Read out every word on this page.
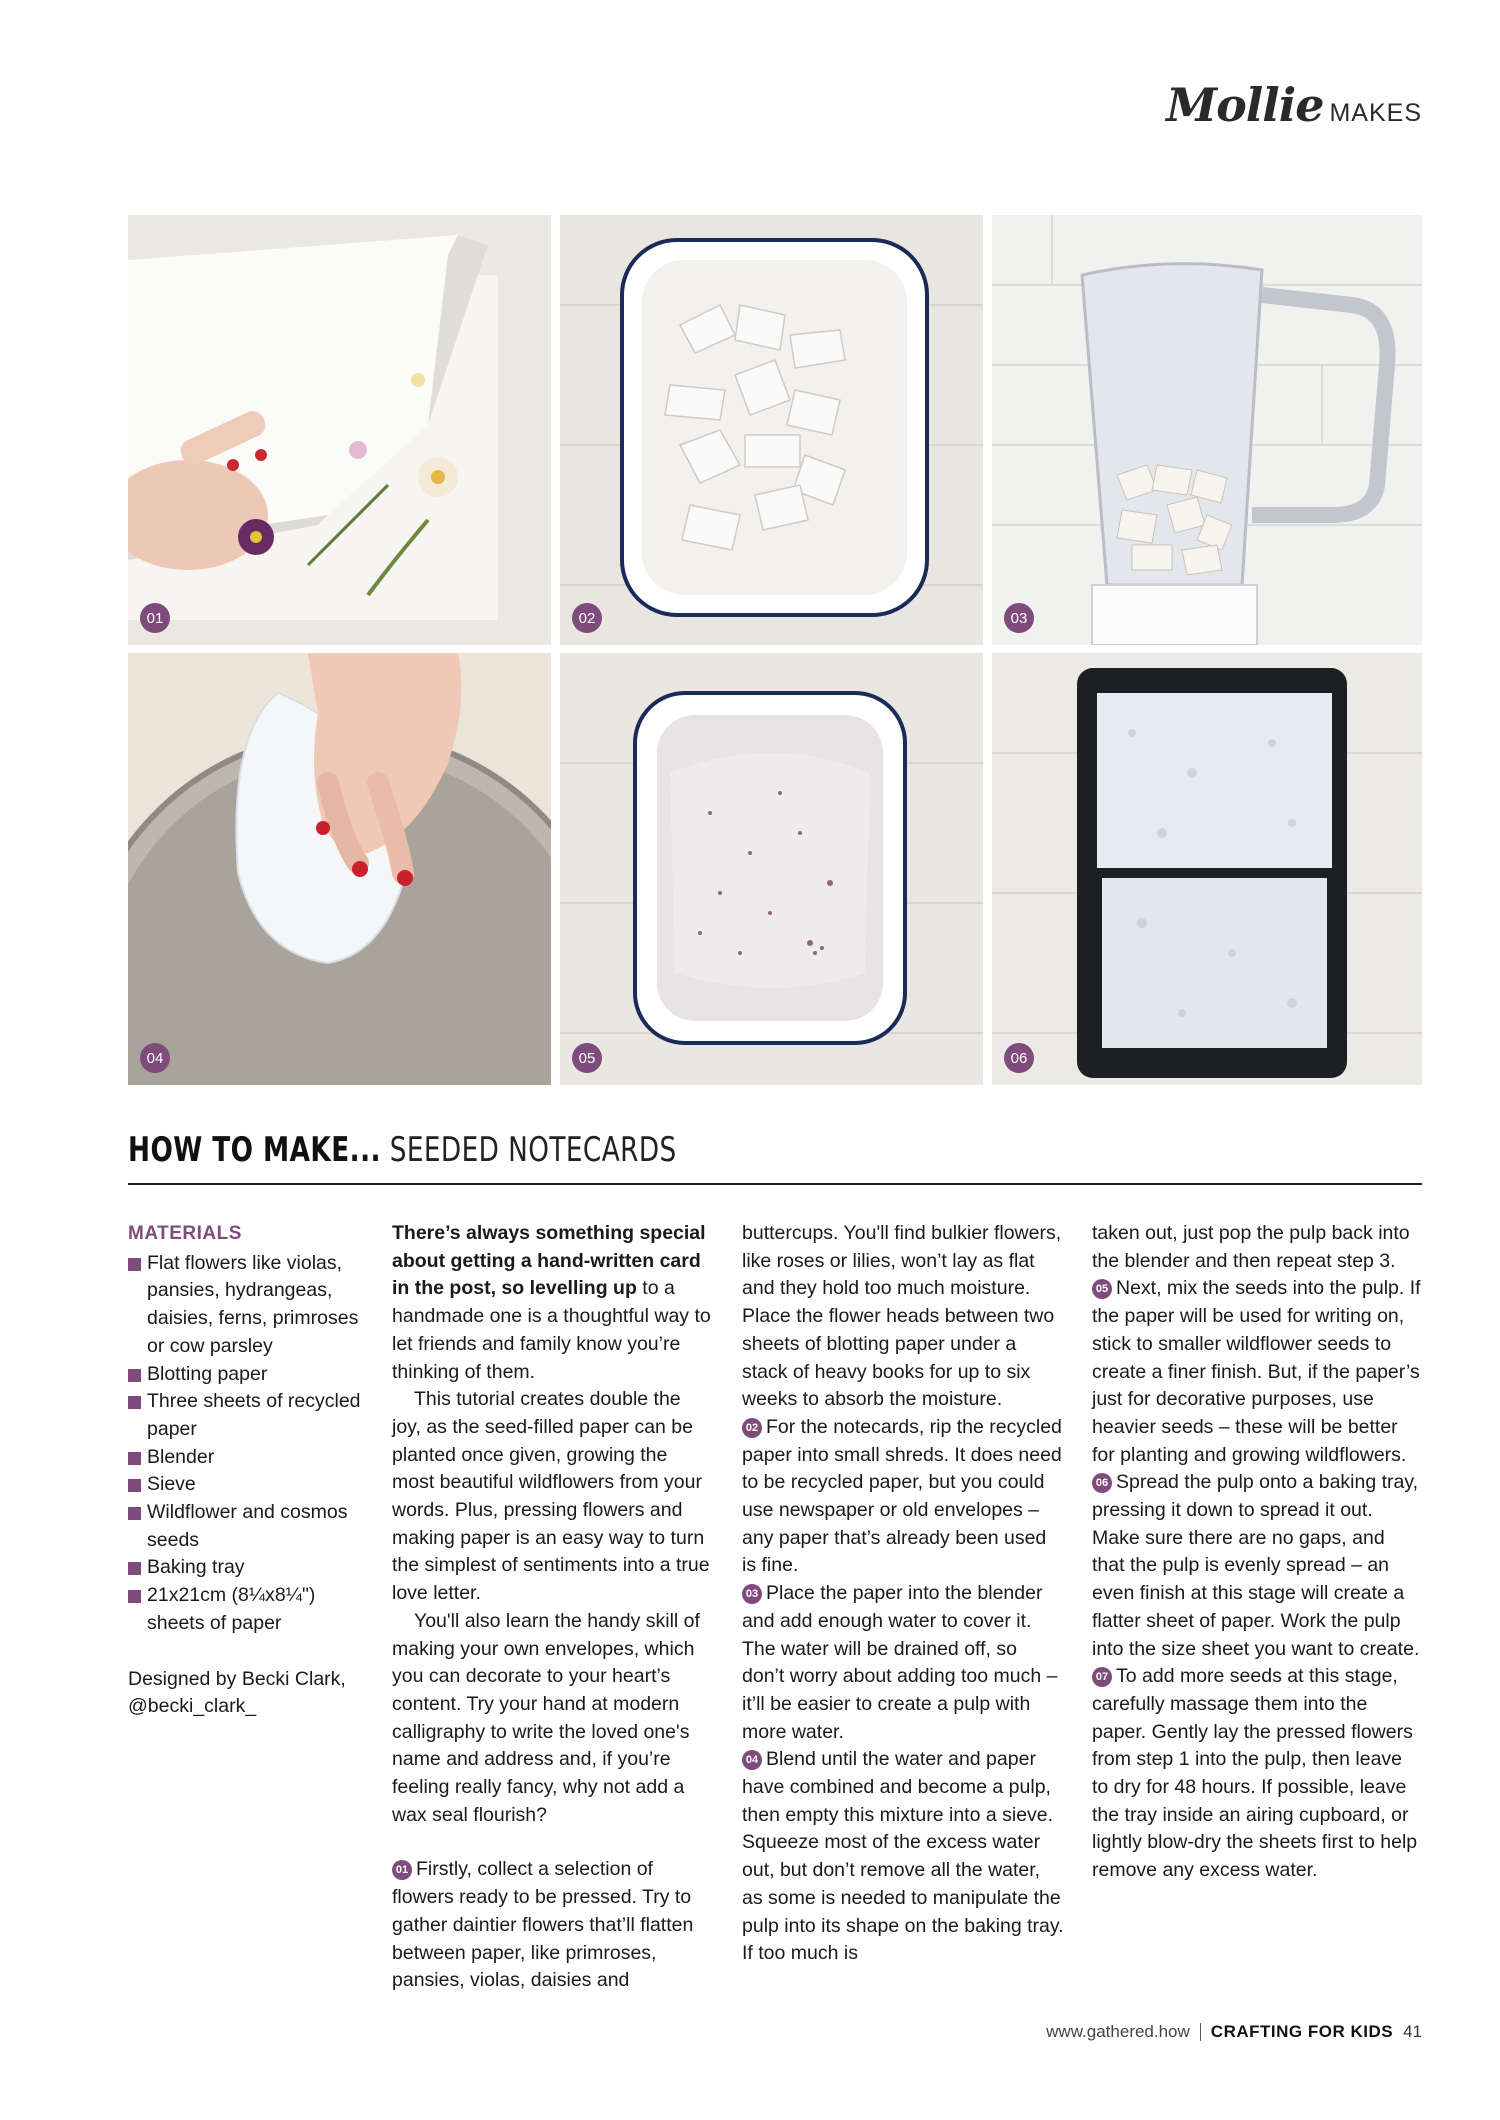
Mollie MAKES
01	02	03
04	05	06
HOW TO MAKE... SEEDED NOTECARDS

MATERIALS

Flat flowers like violas, pansies, hydrangeas, daisies, ferns, primroses or cow parsley
Blotting paper
Three sheets of recycled paper
Blender
Sieve
Wildflower and cosmos seeds
Baking tray
21x21cm (8¼x8¼") sheets of paper

Designed by Becki Clark, @becki_clark_

There’s always something special about getting a hand-written card in the post, so levelling up to a handmade one is a thoughtful way to let friends and family know you’re thinking of them.

This tutorial creates double the joy, as the seed-filled paper can be planted once given, growing the most beautiful wildflowers from your words. Plus, pressing flowers and making paper is an easy way to turn the simplest of sentiments into a true love letter.

You'll also learn the handy skill of making your own envelopes, which you can decorate to your heart’s content. Try your hand at modern calligraphy to write the loved one's name and address and, if you’re feeling really fancy, why not add a wax seal flourish?

01 Firstly, collect a selection of flowers ready to be pressed. Try to gather daintier flowers that’ll flatten between paper, like primroses, pansies, violas, daisies and

buttercups. You'll find bulkier flowers, like roses or lilies, won’t lay as flat and they hold too much moisture. Place the flower heads between two sheets of blotting paper under a stack of heavy books for up to six weeks to absorb the moisture.

02 For the notecards, rip the recycled paper into small shreds. It does need to be recycled paper, but you could use newspaper or old envelopes – any paper that’s already been used is fine.

03 Place the paper into the blender and add enough water to cover it. The water will be drained off, so don’t worry about adding too much – it’ll be easier to create a pulp with more water.

04 Blend until the water and paper have combined and become a pulp, then empty this mixture into a sieve. Squeeze most of the excess water out, but don’t remove all the water, as some is needed to manipulate the pulp into its shape on the baking tray. If too much is

taken out, just pop the pulp back into the blender and then repeat step 3.

05 Next, mix the seeds into the pulp. If the paper will be used for writing on, stick to smaller wildflower seeds to create a finer finish. But, if the paper’s just for decorative purposes, use heavier seeds – these will be better for planting and growing wildflowers.

06 Spread the pulp onto a baking tray, pressing it down to spread it out. Make sure there are no gaps, and that the pulp is evenly spread – an even finish at this stage will create a flatter sheet of paper. Work the pulp into the size sheet you want to create.

07 To add more seeds at this stage, carefully massage them into the paper. Gently lay the pressed flowers from step 1 into the pulp, then leave to dry for 48 hours. If possible, leave the tray inside an airing cupboard, or lightly blow-dry the sheets first to help remove any excess water.

www.gathered.how CRAFTING FOR KIDS 41
